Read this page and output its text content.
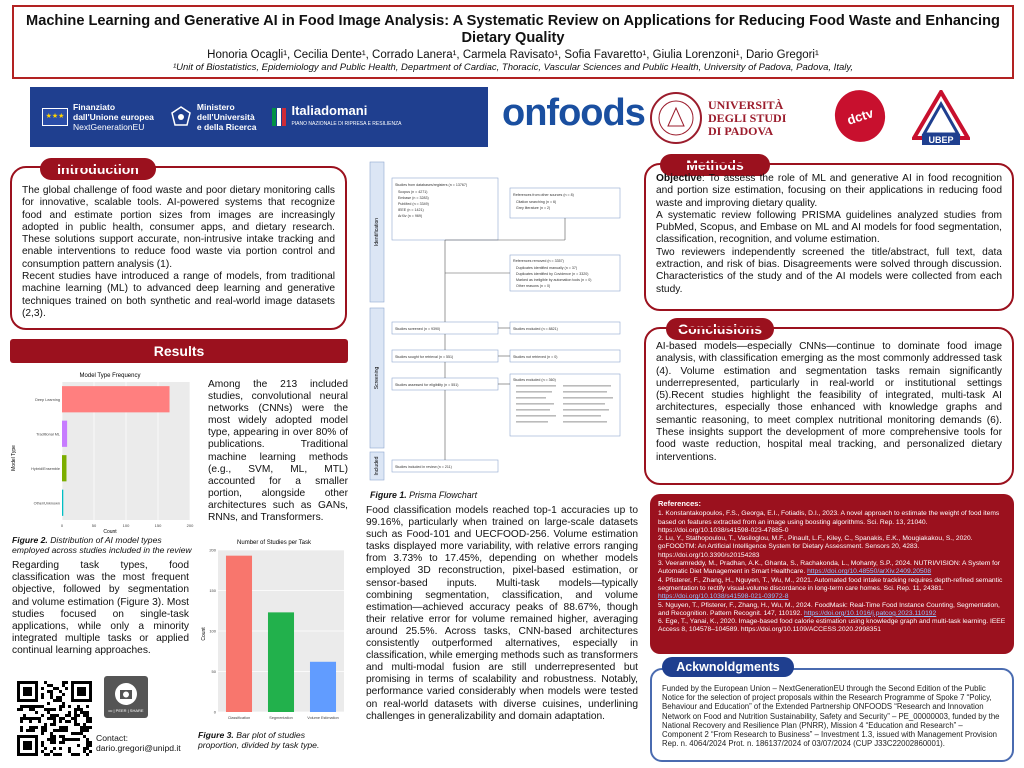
Machine Learning and Generative AI in Food Image Analysis: A Systematic Review on Applications for Reducing Food Waste and Enhancing Dietary Quality
Honoria Ocagli¹, Cecilia Dente¹, Corrado Lanera¹, Carmela Ravisato¹, Sofia Favaretto¹, Giulia Lorenzoni¹, Dario Gregori¹
¹Unit of Biostatistics, Epidemiology and Public Health, Department of Cardiac, Thoracic, Vascular Sciences and Public Health, University of Padova, Padova, Italy,
★★★
Finanziato
dall'Unione europea
NextGenerationEU
Ministero
dell'Università
e della Ricerca
Italiadomani
PIANO NAZIONALE DI RIPRESA E RESILIENZA	onfoods	UNIVERSITÀ
DEGLI STUDI
DI PADOVA
dctv
UBEP
Introduction

The global challenge of food waste and poor dietary monitoring calls for innovative, scalable tools. AI-powered systems that recognize food and estimate portion sizes from images are increasingly adopted in public health, consumer apps, and dietary research. These solutions support accurate, non-intrusive intake tracking and enable interventions to reduce food waste via portion control and consumption pattern analysis (1).

Recent studies have introduced a range of models, from traditional machine learning (ML) to advanced deep learning and generative techniques trained on both synthetic and real-world image datasets (2,3).

Results
Model Type Frequency
Count
Model Type
0	50	100	150	200
Deep Learning
Traditional ML
Hybrid/Ensemble
Other/Unknown
Figure 2. Distribution of AI model types employed across studies included in the review
Among the 213 included studies, convolutional neural networks (CNNs) were the most widely adopted model type, appearing in over 80% of publications. Traditional machine learning methods (e.g., SVM, ML, MTL) accounted for a smaller portion, alongside other architectures such as GANs, RNNs, and Transformers.
Regarding task types, food classification was the most frequent objective, followed by segmentation and volume estimation (Figure 3). Most studies focused on single-task applications, while only a minority integrated multiple tasks or applied continual learning approaches.
Number of Studies per Task
Count
0
50
100
150
200
Classification	Segmentation	Volume Estimation
Figure 3. Bar plot of studies proportion, divided by task type.
cc | PEER | SHARE
Contact:
dario.gregori@unipd.it
Identification
Screening
Included
Studies from databases/registers (n = 13767)
Scopus (n = 4271)
Embase (n = 3283)
PubMed (n = 3349)
IEEE (n = 1421)
ArXiv (n = 969)
References from other sources (n = 8)
Citation searching (n = 6)
Grey literature (n = 2)
References removed (n = 3357)
Duplicates identified manually (n = 37)
Duplicates identified by Covidence (n = 3320)
Marked as ineligible by automation tools (n = 0)
Other reasons (n = 0)
Studies screened (n = 9390)	Studies excluded (n = 8821)
Studies sought for retrieval (n = 551)	Studies not retrieved (n = 0)
Studies assessed for eligibility (n = 551)
Studies excluded (n = 360)
Studies included in review (n = 211)
Figure 1. Prisma Flowchart
Food classification models reached top-1 accuracies up to 99.16%, particularly when trained on large-scale datasets such as Food-101 and UECFOOD-256. Volume estimation tasks displayed more variability, with relative errors ranging from 3.73% to 17.45%, depending on whether models employed 3D reconstruction, pixel-based estimation, or sensor-based inputs. Multi-task models—typically combining segmentation, classification, and volume estimation—achieved accuracy peaks of 88.67%, though their relative error for volume remained higher, averaging around 25.5%. Across tasks, CNN-based architectures consistently outperformed alternatives, especially in classification, while emerging methods such as transformers and multi-modal fusion are still underrepresented but promising in terms of scalability and robustness. Notably, performance varied considerably when models were tested on real-world datasets with diverse cuisines, underlining challenges in generalizability and domain adaptation.
Methods

Objective: To assess the role of ML and generative AI in food recognition and portion size estimation, focusing on their applications in reducing food waste and improving dietary quality.

A systematic review following PRISMA guidelines analyzed studies from PubMed, Scopus, and Embase on ML and AI models for food segmentation, classification, recognition, and volume estimation.

Two reviewers independently screened the title/abstract, full text, data extraction, and risk of bias. Disagreements were solved through discussion. Characteristics of the study and of the AI models were collected from each study.

Conclusions

AI-based models—especially CNNs—continue to dominate food image analysis, with classification emerging as the most commonly addressed task (4). Volume estimation and segmentation tasks remain significantly underrepresented, particularly in real-world or institutional settings (5).Recent studies highlight the feasibility of integrated, multi-task AI architectures, especially those enhanced with knowledge graphs and semantic reasoning, to meet complex nutritional monitoring demands (6). These insights support the development of more comprehensive tools for food waste reduction, hospital meal tracking, and personalized dietary interventions.

References:

1. Konstantakopoulos, F.S., Georga, E.I., Fotiadis, D.I., 2023. A novel approach to estimate the weight of food items based on features extracted from an image using boosting algorithms. Sci. Rep. 13, 21040. https://doi.org/10.1038/s41598-023-47885-0

2. Lu, Y., Stathopoulou, T., Vasiloglou, M.F., Pinault, L.F., Kiley, C., Spanakis, E.K., Mougiakakou, S., 2020. goFOODTM: An Artificial Intelligence System for Dietary Assessment. Sensors 20, 4283. https://doi.org/10.3390/s20154283

3. Veeramreddy, M., Pradhan, A.K., Ghanta, S., Rachakonda, L., Mohanty, S.P., 2024. NUTRI/VISION: A System for Automatic Diet Management in Smart Healthcare. https://doi.org/10.48550/arXiv.2409.20508

4. Pfisterer, F., Zhang, H., Nguyen, T., Wu, M., 2021. Automated food intake tracking requires depth-refined semantic segmentation to rectify visual-volume discordance in long-term care homes. Sci. Rep. 11, 24381. https://doi.org/10.1038/s41598-021-03972-8

5. Nguyen, T., Pfisterer, F., Zhang, H., Wu, M., 2024. FoodMask: Real-Time Food Instance Counting, Segmentation, and Recognition. Pattern Recognit. 147, 110192. https://doi.org/10.1016/j.patcog.2023.110192

6. Ege, T., Yanai, K., 2020. Image-based food calorie estimation using knowledge graph and multi-task learning. IEEE Access 8, 104578–104589. https://doi.org/10.1109/ACCESS.2020.2998351

Funded by the European Union – NextGenerationEU through the Second Edition of the Public Notice for the selection of project proposals within the Research Programme of Spoke 7 “Policy, Behaviour and Education” of the Extended Partnership ONFOODS “Research and Innovation Network on Food and Nutrition Sustainability, Safety and Security” – PE_00000003, funded by the National Recovery and Resilience Plan (PNRR), Mission 4 “Education and Research” – Component 2 “From Research to Business” – Investment 1.3, issued with Management Provision Rep. n. 4064/2024 Prot. n. 186137/2024 of 03/07/2024 (CUP J33C22002860001).

Ackwnoldgments
